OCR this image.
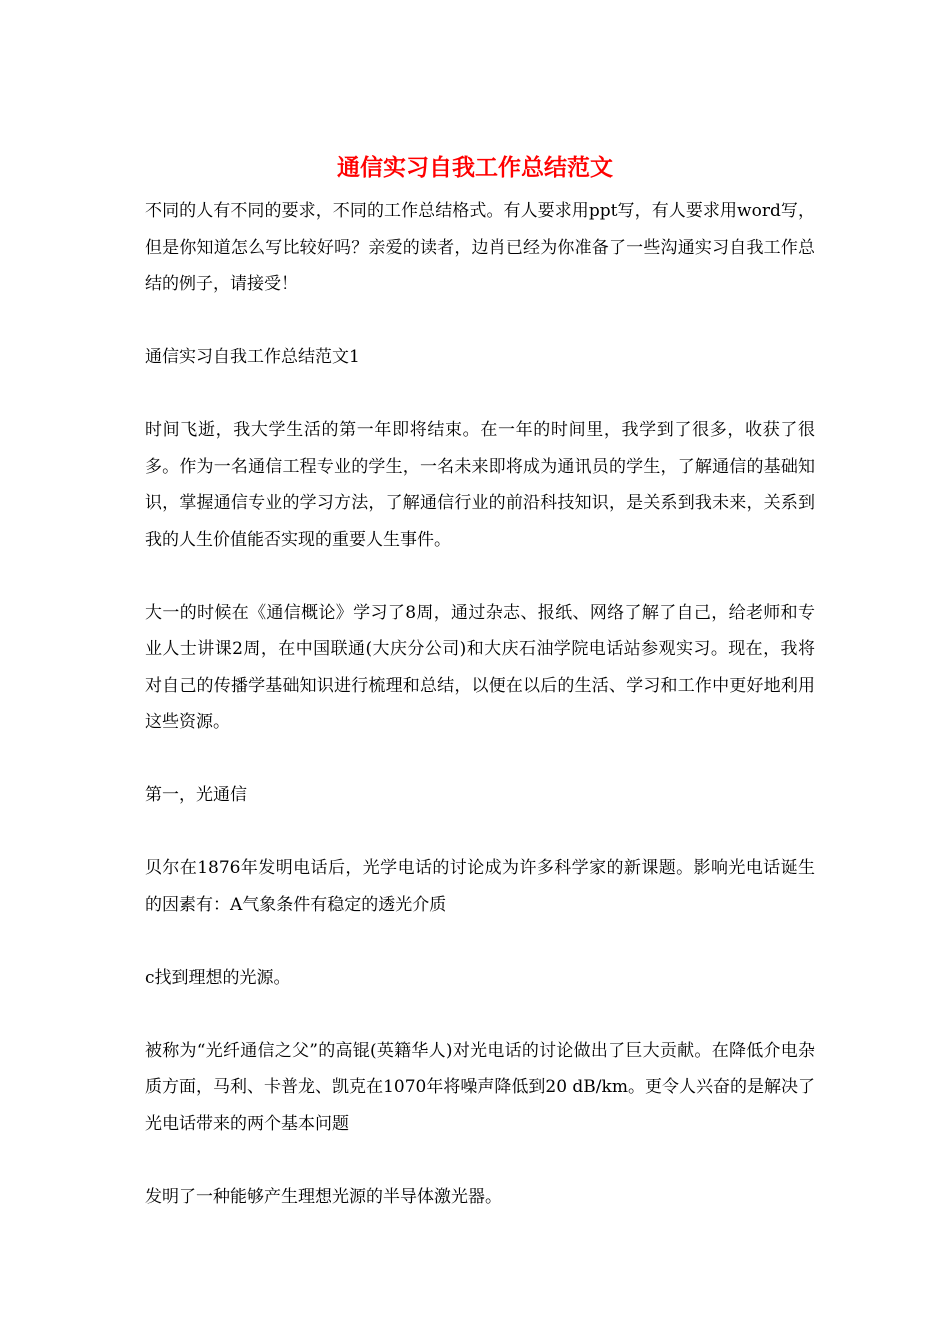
通信实习自我工作总结范文

不同的人有不同的要求，不同的工作总结格式。有人要求用ppt写，有人要求用word写，但是你知道怎么写比较好吗？亲爱的读者，边肖已经为你准备了一些沟通实习自我工作总结的例子，请接受！

通信实习自我工作总结范文1

时间飞逝，我大学生活的第一年即将结束。在一年的时间里，我学到了很多，收获了很多。作为一名通信工程专业的学生，一名未来即将成为通讯员的学生，了解通信的基础知识，掌握通信专业的学习方法，了解通信行业的前沿科技知识，是关系到我未来，关系到我的人生价值能否实现的重要人生事件。

大一的时候在《通信概论》学习了8周，通过杂志、报纸、网络了解了自己，给老师和专业人士讲课2周，在中国联通(大庆分公司)和大庆石油学院电话站参观实习。现在，我将对自己的传播学基础知识进行梳理和总结，以便在以后的生活、学习和工作中更好地利用这些资源。

第一，光通信

贝尔在1876年发明电话后，光学电话的讨论成为许多科学家的新课题。影响光电话诞生的因素有：A气象条件有稳定的透光介质

c找到理想的光源。

被称为“光纤通信之父”的高锟(英籍华人)对光电话的讨论做出了巨大贡献。在降低介电杂质方面，马利、卡普龙、凯克在1070年将噪声降低到20 dB/km。更令人兴奋的是解决了光电话带来的两个基本问题

发明了一种能够产生理想光源的半导体激光器。
